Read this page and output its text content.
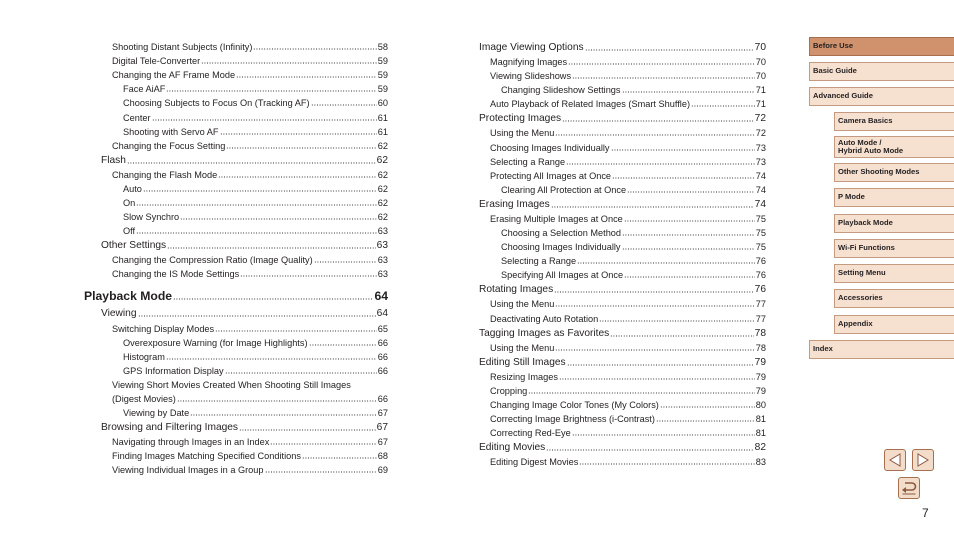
Shooting Distant Subjects (Infinity)	58
Digital Tele-Converter	59
Changing the AF Frame Mode	59
Face AiAF	59
Choosing Subjects to Focus On (Tracking AF)	60
Center	61
Shooting with Servo AF	61
Changing the Focus Setting	62
Flash	62
Changing the Flash Mode	62
Auto	62
On	62
Slow Synchro	62
Off	63
Other Settings	63
Changing the Compression Ratio (Image Quality)	63
Changing the IS Mode Settings	63
Playback Mode	64
Viewing	64
Switching Display Modes	65
Overexposure Warning (for Image Highlights)	66
Histogram	66
GPS Information Display	66
Viewing Short Movies Created When Shooting Still Images
(Digest Movies)	66
Viewing by Date	67
Browsing and Filtering Images	67
Navigating through Images in an Index	67
Finding Images Matching Specified Conditions	68
Viewing Individual Images in a Group	69
Image Viewing Options	70
Magnifying Images	70
Viewing Slideshows	70
Changing Slideshow Settings	71
Auto Playback of Related Images (Smart Shuffle)	71
Protecting Images	72
Using the Menu	72
Choosing Images Individually	73
Selecting a Range	73
Protecting All Images at Once	74
Clearing All Protection at Once	74
Erasing Images	74
Erasing Multiple Images at Once	75
Choosing a Selection Method	75
Choosing Images Individually	75
Selecting a Range	76
Specifying All Images at Once	76
Rotating Images	76
Using the Menu	77
Deactivating Auto Rotation	77
Tagging Images as Favorites	78
Using the Menu	78
Editing Still Images	79
Resizing Images	79
Cropping	79
Changing Image Color Tones (My Colors)	80
Correcting Image Brightness (i-Contrast)	81
Correcting Red-Eye	81
Editing Movies	82
Editing Digest Movies	83
Before Use
Basic Guide
Advanced Guide
Camera Basics
Auto Mode /
Hybrid Auto Mode
Other Shooting Modes
P Mode
Playback Mode
Wi-Fi Functions
Setting Menu
Accessories
Appendix
Index
7
